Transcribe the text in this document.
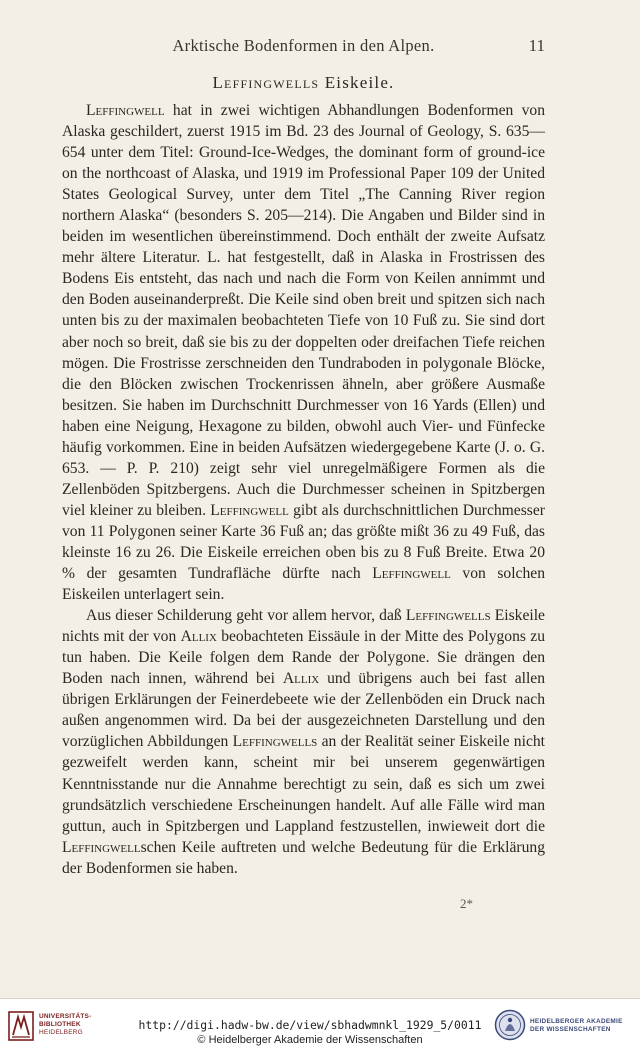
Arktische Bodenformen in den Alpen.	11
Leffingwells Eiskeile.

Leffingwell hat in zwei wichtigen Abhandlungen Bodenformen von Alaska geschildert, zuerst 1915 im Bd. 23 des Journal of Geology, S. 635—654 unter dem Titel: Ground-Ice-Wedges, the dominant form of ground-ice on the northcoast of Alaska, und 1919 im Professional Paper 109 der United States Geological Survey, unter dem Titel „The Canning River region northern Alaska“ (besonders S. 205—214). Die Angaben und Bilder sind in beiden im wesentlichen übereinstimmend. Doch enthält der zweite Aufsatz mehr ältere Literatur. L. hat festgestellt, daß in Alaska in Frostrissen des Bodens Eis entsteht, das nach und nach die Form von Keilen annimmt und den Boden auseinanderpreßt. Die Keile sind oben breit und spitzen sich nach unten bis zu der maximalen beobachteten Tiefe von 10 Fuß zu. Sie sind dort aber noch so breit, daß sie bis zu der doppelten oder dreifachen Tiefe reichen mögen. Die Frostrisse zerschneiden den Tundraboden in polygonale Blöcke, die den Blöcken zwischen Trockenrissen ähneln, aber größere Ausmaße besitzen. Sie haben im Durchschnitt Durchmesser von 16 Yards (Ellen) und haben eine Neigung, Hexagone zu bilden, obwohl auch Vier- und Fünfecke häufig vorkommen. Eine in beiden Aufsätzen wiedergegebene Karte (J. o. G. 653. — P. P. 210) zeigt sehr viel unregelmäßigere Formen als die Zellenböden Spitzbergens. Auch die Durchmesser scheinen in Spitzbergen viel kleiner zu bleiben. Leffingwell gibt als durchschnittlichen Durchmesser von 11 Polygonen seiner Karte 36 Fuß an; das größte mißt 36 zu 49 Fuß, das kleinste 16 zu 26. Die Eiskeile erreichen oben bis zu 8 Fuß Breite. Etwa 20 % der gesamten Tundrafläche dürfte nach Leffingwell von solchen Eiskeilen unterlagert sein.

Aus dieser Schilderung geht vor allem hervor, daß Leffingwells Eiskeile nichts mit der von Allix beobachteten Eissäule in der Mitte des Polygons zu tun haben. Die Keile folgen dem Rande der Polygone. Sie drängen den Boden nach innen, während bei Allix und übrigens auch bei fast allen übrigen Erklärungen der Feinerdebeete wie der Zellenböden ein Druck nach außen angenommen wird. Da bei der ausgezeichneten Darstellung und den vorzüglichen Abbildungen Leffingwells an der Realität seiner Eiskeile nicht gezweifelt werden kann, scheint mir bei unserem gegenwärtigen Kenntnisstande nur die Annahme berechtigt zu sein, daß es sich um zwei grundsätzlich verschiedene Erscheinungen handelt. Auf alle Fälle wird man guttun, auch in Spitzbergen und Lappland festzustellen, inwieweit dort die Leffingwellschen Keile auftreten und welche Bedeutung für die Erklärung der Bodenformen sie haben.

2*
UNIVERSITÄTS-
BIBLIOTHEK
HEIDELBERG
http://digi.hadw-bw.de/view/sbhadwmnkl_1929_5/0011
© Heidelberger Akademie der Wissenschaften
HEIDELBERGER AKADEMIE
DER WISSENSCHAFTEN
